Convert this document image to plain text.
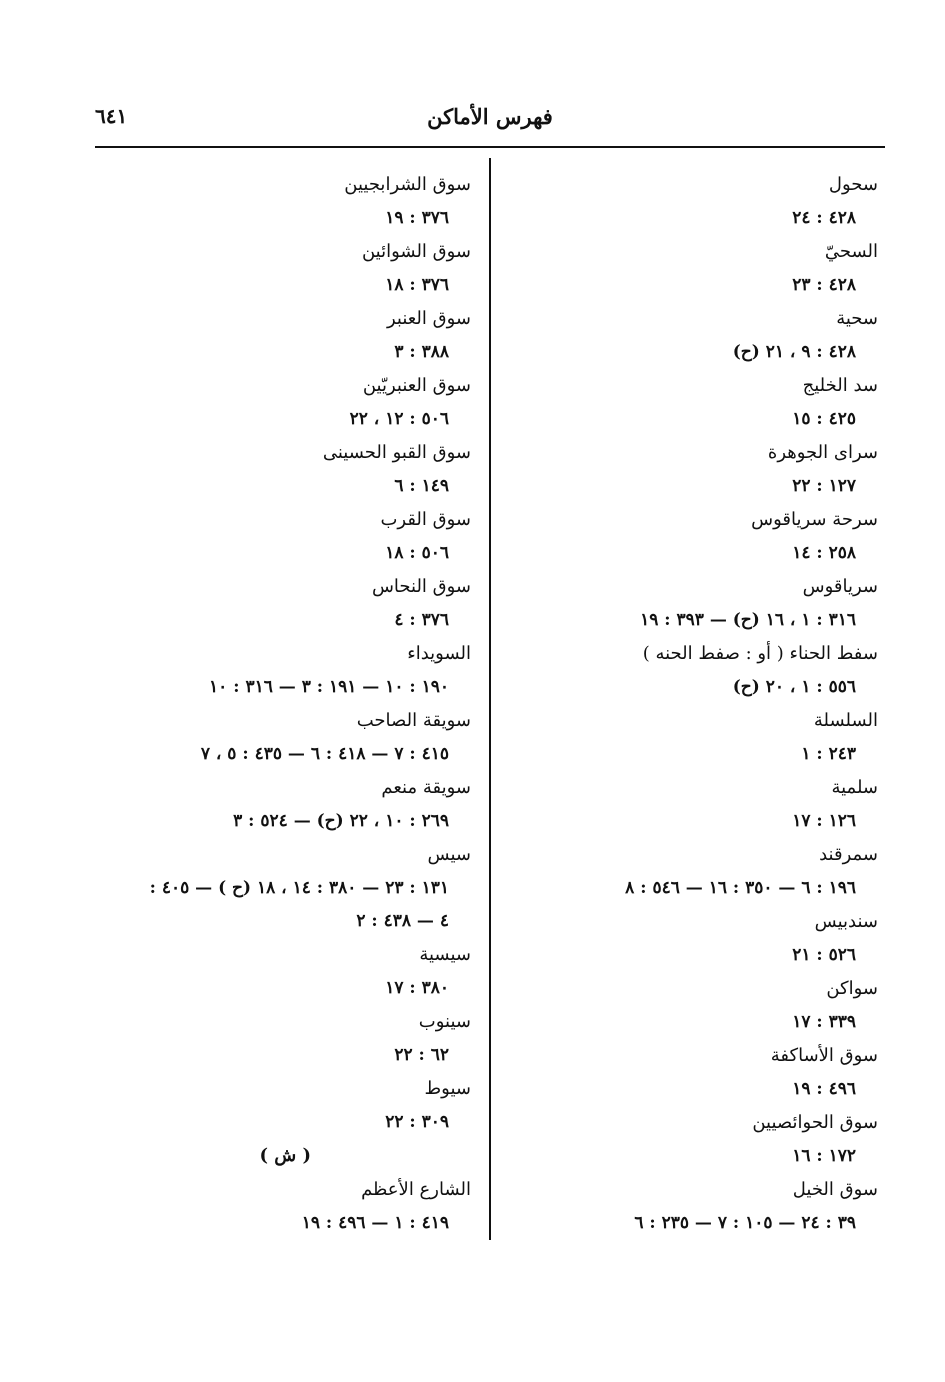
٦٤١	فهرس الأماكن
سحول
٤٢٨ : ٢٤
السحيّ
٤٢٨ : ٢٣
سحية
٤٢٨ : ٩ ، ٢١ (ح)
سد الخليج
٤٢٥ : ١٥
سراى الجوهرة
١٢٧ : ٢٢
سرحة سرياقوس
٢٥٨ : ١٤
سرياقوس
٣١٦ : ١ ، ١٦ (ح) — ٣٩٣ : ١٩
سفط الحناء ( أو : صفط الحنه )
٥٥٦ : ١ ، ٢٠ (ح)
السلسلة
٢٤٣ : ١
سلمية
١٢٦ : ١٧
سمرقند
١٩٦ : ٦ — ٣٥٠ : ١٦ — ٥٤٦ : ٨
سندبيس
٥٢٦ : ٢١
سواكن
٣٣٩ : ١٧
سوق الأساكفة
٤٩٦ : ١٩
سوق الحوائصيين
١٧٢ : ١٦
سوق الخيل
٣٩ : ٢٤ — ١٠٥ : ٧ — ٢٣٥ : ٦
سوق الشرابجيين
٣٧٦ : ١٩
سوق الشوائين
٣٧٦ : ١٨
سوق العنبر
٣٨٨ : ٣
سوق العنبريّين
٥٠٦ : ١٢ ، ٢٢
سوق القبو الحسينى
١٤٩ : ٦
سوق القرب
٥٠٦ : ١٨
سوق النحاس
٣٧٦ : ٤
السويداء
١٩٠ : ١٠ — ١٩١ : ٣ — ٣١٦ : ١٠
سويقة الصاحب
٤١٥ : ٧ — ٤١٨ : ٦ — ٤٣٥ : ٥ ، ٧
سويقة منعم
٢٦٩ : ١٠ ، ٢٢ (ح) — ٥٢٤ : ٣
سيس
١٣١ : ٢٣ — ٣٨٠ : ١٤ ، ١٨ (ح ) — ٤٠٥ :
٤ — ٤٣٨ : ٢
سيسية
٣٨٠ : ١٧
سينوب
٦٢ : ٢٢
سيوط
٣٠٩ : ٢٢
( ش )
الشارع الأعظم
٤١٩ : ١ — ٤٩٦ : ١٩
